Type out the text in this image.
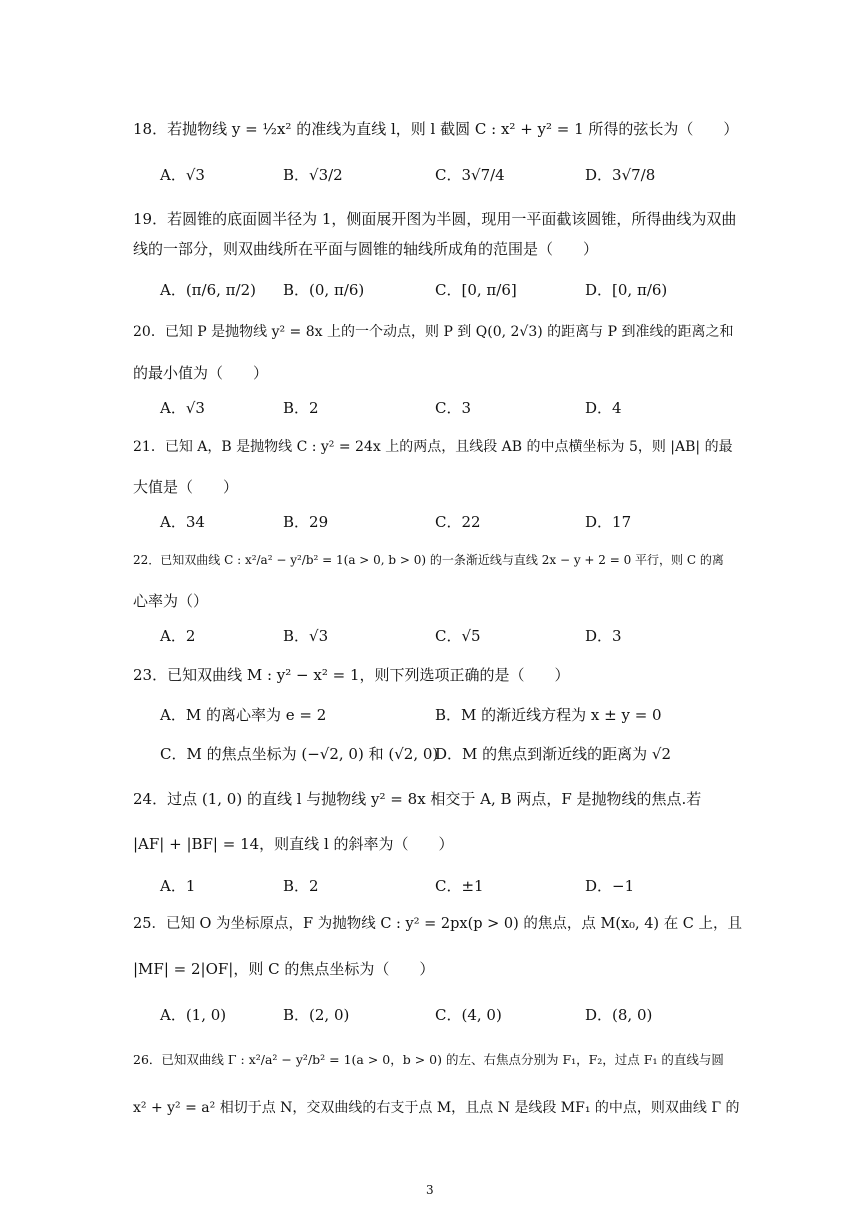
18．若抛物线 y = ½x² 的准线为直线 l，则 l 截圆 C : x² + y² = 1 所得的弦长为（　　）
A．√3	B．√3/2	C．3√7/4	D．3√7/8
19．若圆锥的底面圆半径为 1，侧面展开图为半圆，现用一平面截该圆锥，所得曲线为双曲
线的一部分，则双曲线所在平面与圆锥的轴线所成角的范围是（　　）
A．(π/6, π/2) B．(0, π/6)	C．[0, π/6]	D．[0, π/6)
20．已知 P 是抛物线 y² = 8x 上的一个动点，则 P 到 Q(0, 2√3) 的距离与 P 到准线的距离之和
的最小值为（　　）
A．√3	B．2	C．3	D．4
21．已知 A，B 是抛物线 C : y² = 24x 上的两点，且线段 AB 的中点横坐标为 5，则 |AB| 的最
大值是（　　）
A．34	B．29	C．22	D．17
22．已知双曲线 C : x²/a² − y²/b² = 1(a > 0, b > 0) 的一条渐近线与直线 2x − y + 2 = 0 平行，则 C 的离
心率为（）
A．2	B．√3	C．√5	D．3
23．已知双曲线 M : y² − x² = 1，则下列选项正确的是（　　）
A．M 的离心率为 e = 2	B．M 的渐近线方程为 x ± y = 0
C．M 的焦点坐标为 (−√2, 0) 和 (√2, 0)
D．M 的焦点到渐近线的距离为 √2
24．过点 (1, 0) 的直线 l 与抛物线 y² = 8x 相交于 A, B 两点，F 是抛物线的焦点.若
|AF| + |BF| = 14，则直线 l 的斜率为（　　）
A．1	B．2	C．±1	D．−1
25．已知 O 为坐标原点，F 为抛物线 C : y² = 2px(p > 0) 的焦点，点 M(x₀, 4) 在 C 上，且
|MF| = 2|OF|，则 C 的焦点坐标为（　　）
A．(1, 0)	B．(2, 0)	C．(4, 0)	D．(8, 0)
26．已知双曲线 Γ : x²/a² − y²/b² = 1(a > 0，b > 0) 的左、右焦点分别为 F₁，F₂，过点 F₁ 的直线与圆
x² + y² = a² 相切于点 N，交双曲线的右支于点 M，且点 N 是线段 MF₁ 的中点，则双曲线 Γ 的
3
